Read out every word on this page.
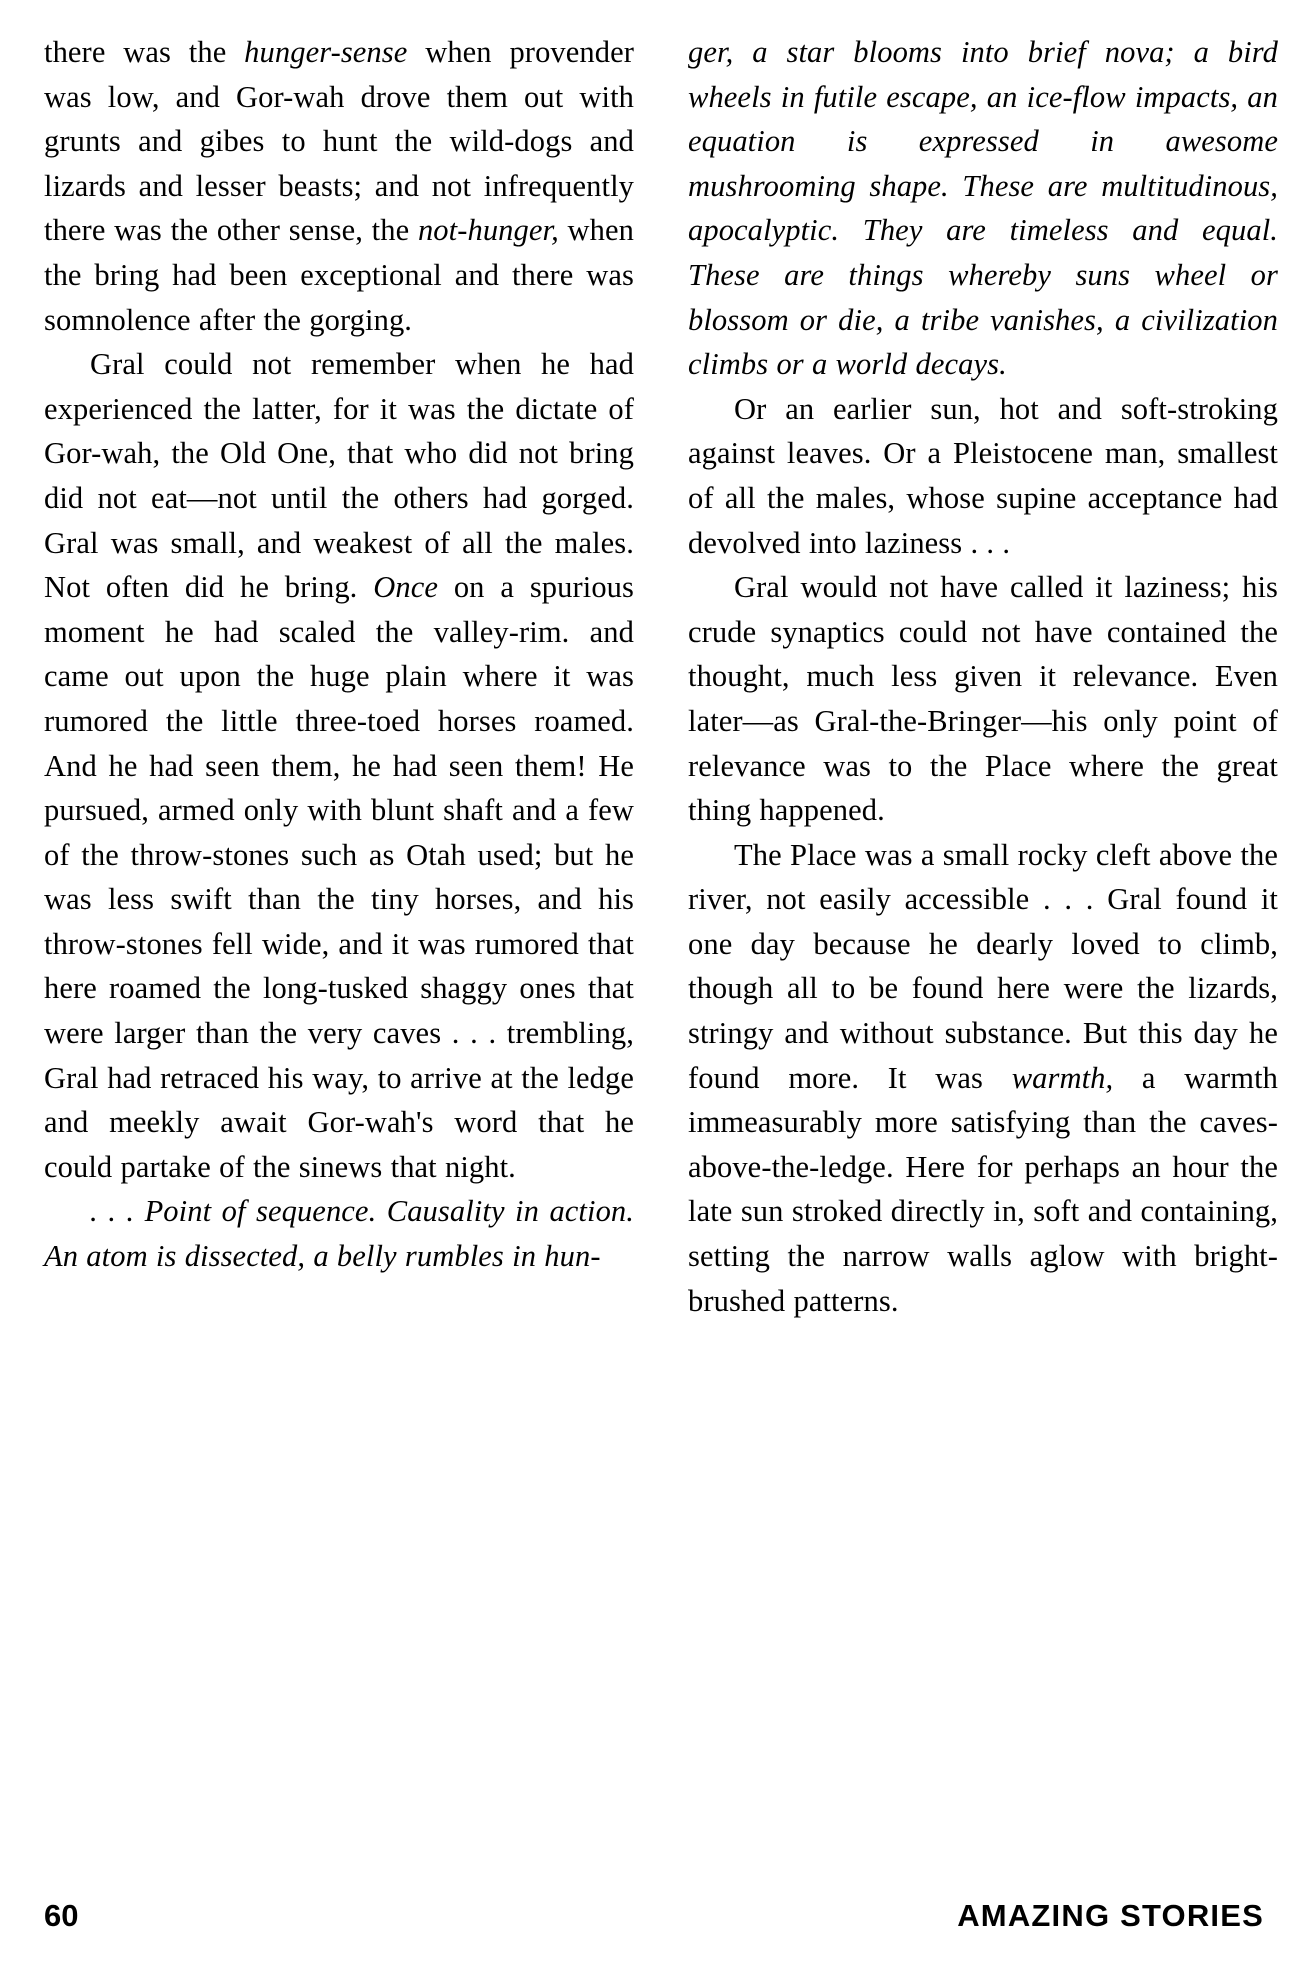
there was the hunger-sense when provender was low, and Gor-wah drove them out with grunts and gibes to hunt the wild-dogs and lizards and lesser beasts; and not infrequently there was the other sense, the not-hunger, when the bring had been exceptional and there was somnolence after the gorging.

Gral could not remember when he had experienced the latter, for it was the dictate of Gor-wah, the Old One, that who did not bring did not eat—not until the others had gorged. Gral was small, and weakest of all the males. Not often did he bring. Once on a spurious moment he had scaled the valley-rim. and came out upon the huge plain where it was rumored the little three-toed horses roamed. And he had seen them, he had seen them! He pursued, armed only with blunt shaft and a few of the throw-stones such as Otah used; but he was less swift than the tiny horses, and his throw-stones fell wide, and it was rumored that here roamed the long-tusked shaggy ones that were larger than the very caves . . . trembling, Gral had retraced his way, to arrive at the ledge and meekly await Gor-wah's word that he could partake of the sinews that night.

. . . Point of sequence. Causality in action. An atom is dissected, a belly rumbles in hun-

ger, a star blooms into brief nova; a bird wheels in futile escape, an ice-flow impacts, an equation is expressed in awesome mushrooming shape. These are multitudinous, apocalyptic. They are timeless and equal. These are things whereby suns wheel or blossom or die, a tribe vanishes, a civilization climbs or a world decays.

Or an earlier sun, hot and soft-stroking against leaves. Or a Pleistocene man, smallest of all the males, whose supine acceptance had devolved into laziness . . .

Gral would not have called it laziness; his crude synaptics could not have contained the thought, much less given it relevance. Even later—as Gral-the-Bringer—his only point of relevance was to the Place where the great thing happened.

The Place was a small rocky cleft above the river, not easily accessible . . . Gral found it one day because he dearly loved to climb, though all to be found here were the lizards, stringy and without substance. But this day he found more. It was warmth, a warmth immeasurably more satisfying than the caves-above-the-ledge. Here for perhaps an hour the late sun stroked directly in, soft and containing, setting the narrow walls aglow with bright-brushed patterns.

60	AMAZING STORIES
